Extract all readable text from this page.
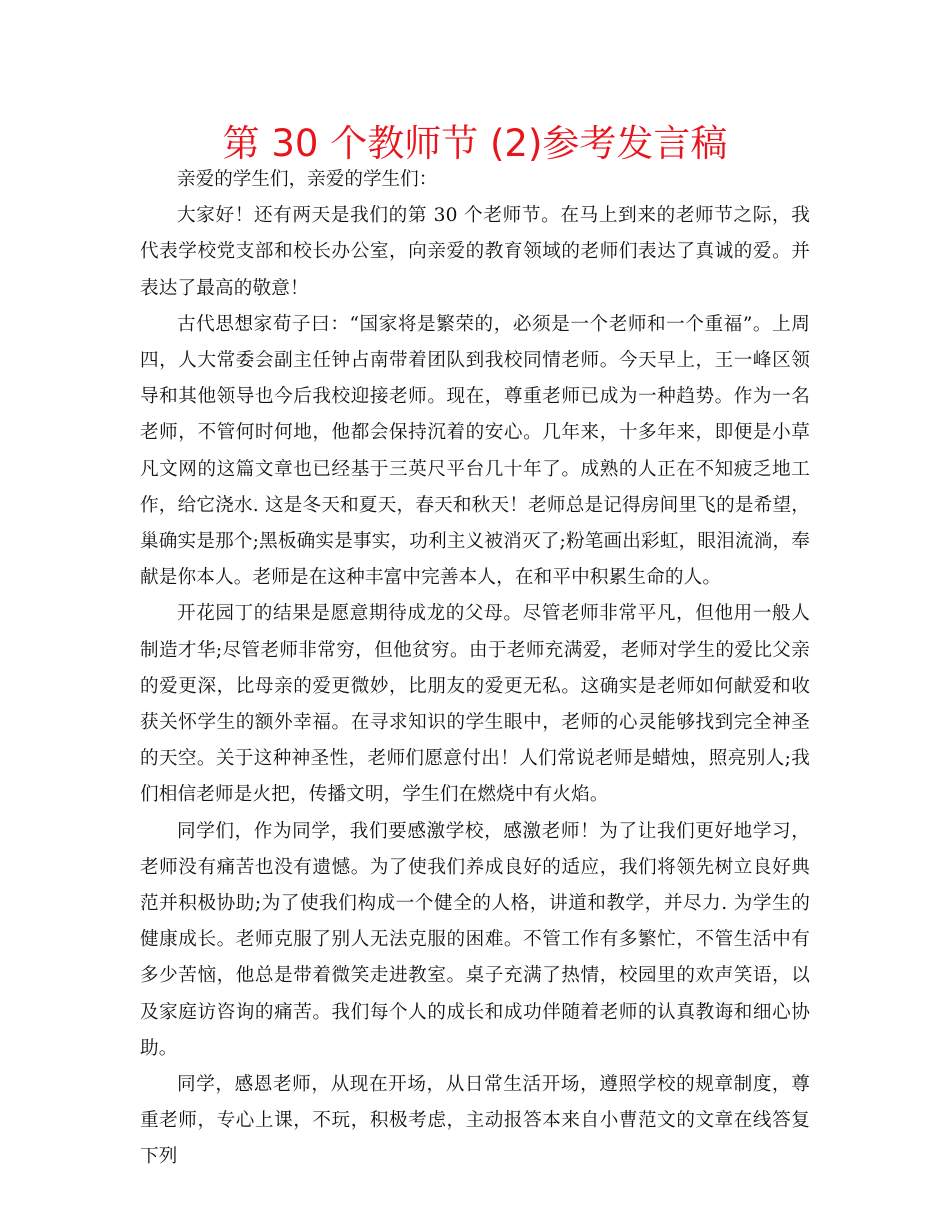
第 30 个教师节 (2)参考发言稿

亲爱的学生们，亲爱的学生们：

大家好！还有两天是我们的第 30 个老师节。在马上到来的老师节之际，我代表学校党支部和校长办公室，向亲爱的教育领域的老师们表达了真诚的爱。并表达了最高的敬意！

古代思想家荀子曰：“国家将是繁荣的，必须是一个老师和一个重福”。上周四，人大常委会副主任钟占南带着团队到我校同情老师。今天早上，王一峰区领导和其他领导也今后我校迎接老师。现在，尊重老师已成为一种趋势。作为一名老师，不管何时何地，他都会保持沉着的安心。几年来，十多年来，即便是小草凡文网的这篇文章也已经基于三英尺平台几十年了。成熟的人正在不知疲乏地工作，给它浇水. 这是冬天和夏天，春天和秋天！老师总是记得房间里飞的是希望，巢确实是那个;黑板确实是事实，功利主义被消灭了;粉笔画出彩虹，眼泪流淌，奉献是你本人。老师是在这种丰富中完善本人，在和平中积累生命的人。

开花园丁的结果是愿意期待成龙的父母。尽管老师非常平凡，但他用一般人制造才华;尽管老师非常穷，但他贫穷。由于老师充满爱，老师对学生的爱比父亲的爱更深，比母亲的爱更微妙，比朋友的爱更无私。这确实是老师如何献爱和收获关怀学生的额外幸福。在寻求知识的学生眼中，老师的心灵能够找到完全神圣的天空。关于这种神圣性，老师们愿意付出！人们常说老师是蜡烛，照亮别人;我们相信老师是火把，传播文明，学生们在燃烧中有火焰。

同学们，作为同学，我们要感激学校，感激老师！为了让我们更好地学习，老师没有痛苦也没有遗憾。为了使我们养成良好的适应，我们将领先树立良好典范并积极协助;为了使我们构成一个健全的人格，讲道和教学，并尽力. 为学生的健康成长。老师克服了别人无法克服的困难。不管工作有多繁忙，不管生活中有多少苦恼，他总是带着微笑走进教室。桌子充满了热情，校园里的欢声笑语，以及家庭访咨询的痛苦。我们每个人的成长和成功伴随着老师的认真教诲和细心协助。

同学，感恩老师，从现在开场，从日常生活开场，遵照学校的规章制度，尊重老师，专心上课，不玩，积极考虑，主动报答本来自小曹范文的文章在线答复下列
